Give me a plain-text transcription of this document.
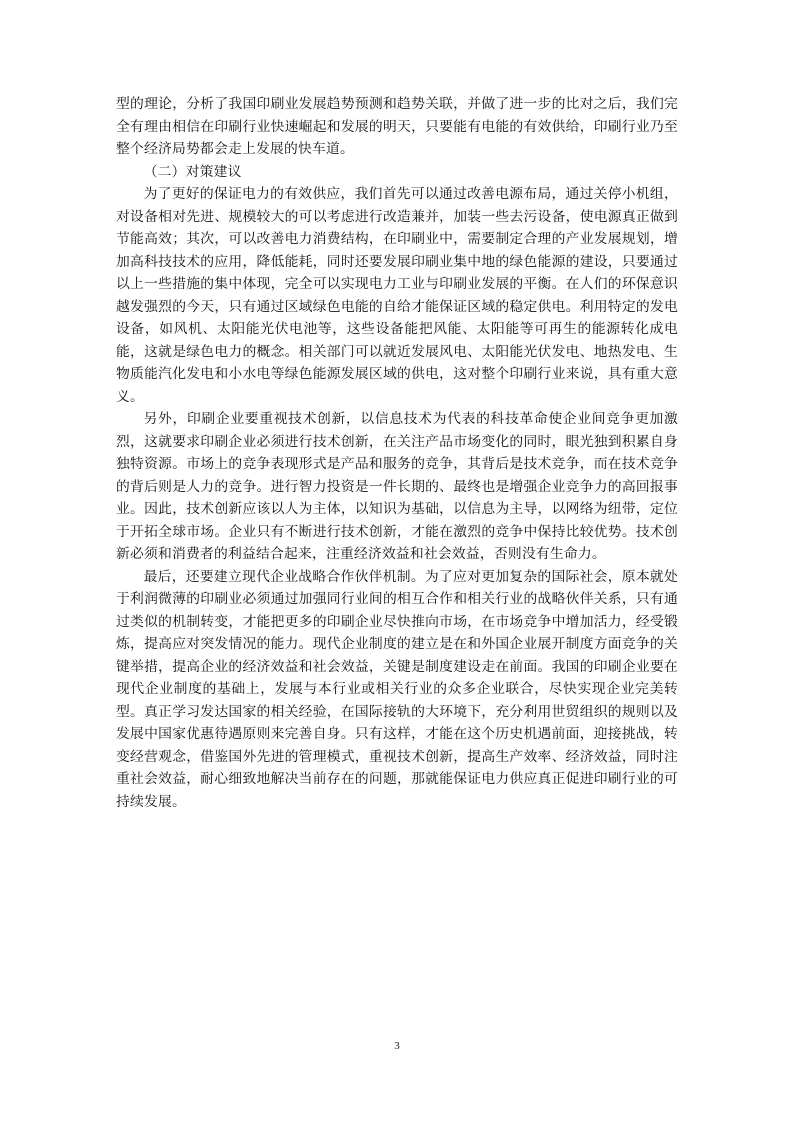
型的理论，分析了我国印刷业发展趋势预测和趋势关联，并做了进一步的比对之后，我们完全有理由相信在印刷行业快速崛起和发展的明天，只要能有电能的有效供给，印刷行业乃至整个经济局势都会走上发展的快车道。

（二）对策建议

为了更好的保证电力的有效供应，我们首先可以通过改善电源布局，通过关停小机组，对设备相对先进、规模较大的可以考虑进行改造兼并，加装一些去污设备，使电源真正做到节能高效；其次，可以改善电力消费结构，在印刷业中，需要制定合理的产业发展规划，增加高科技技术的应用，降低能耗，同时还要发展印刷业集中地的绿色能源的建设，只要通过以上一些措施的集中体现，完全可以实现电力工业与印刷业发展的平衡。在人们的环保意识越发强烈的今天，只有通过区域绿色电能的自给才能保证区域的稳定供电。利用特定的发电设备，如风机、太阳能光伏电池等，这些设备能把风能、太阳能等可再生的能源转化成电能，这就是绿色电力的概念。相关部门可以就近发展风电、太阳能光伏发电、地热发电、生物质能汽化发电和小水电等绿色能源发展区域的供电，这对整个印刷行业来说，具有重大意义。

另外，印刷企业要重视技术创新，以信息技术为代表的科技革命使企业间竞争更加激烈，这就要求印刷企业必须进行技术创新，在关注产品市场变化的同时，眼光独到积累自身独特资源。市场上的竞争表现形式是产品和服务的竞争，其背后是技术竞争，而在技术竞争的背后则是人力的竞争。进行智力投资是一件长期的、最终也是增强企业竞争力的高回报事业。因此，技术创新应该以人为主体，以知识为基础，以信息为主导，以网络为纽带，定位于开拓全球市场。企业只有不断进行技术创新，才能在激烈的竞争中保持比较优势。技术创新必须和消费者的利益结合起来，注重经济效益和社会效益，否则没有生命力。

最后，还要建立现代企业战略合作伙伴机制。为了应对更加复杂的国际社会，原本就处于利润微薄的印刷业必须通过加强同行业间的相互合作和相关行业的战略伙伴关系，只有通过类似的机制转变，才能把更多的印刷企业尽快推向市场，在市场竞争中增加活力，经受锻炼，提高应对突发情况的能力。现代企业制度的建立是在和外国企业展开制度方面竞争的关键举措，提高企业的经济效益和社会效益，关键是制度建设走在前面。我国的印刷企业要在现代企业制度的基础上，发展与本行业或相关行业的众多企业联合，尽快实现企业完美转型。真正学习发达国家的相关经验，在国际接轨的大环境下，充分利用世贸组织的规则以及发展中国家优惠待遇原则来完善自身。只有这样，才能在这个历史机遇前面，迎接挑战，转变经营观念，借鉴国外先进的管理模式，重视技术创新，提高生产效率、经济效益，同时注重社会效益，耐心细致地解决当前存在的问题，那就能保证电力供应真正促进印刷行业的可持续发展。

3
